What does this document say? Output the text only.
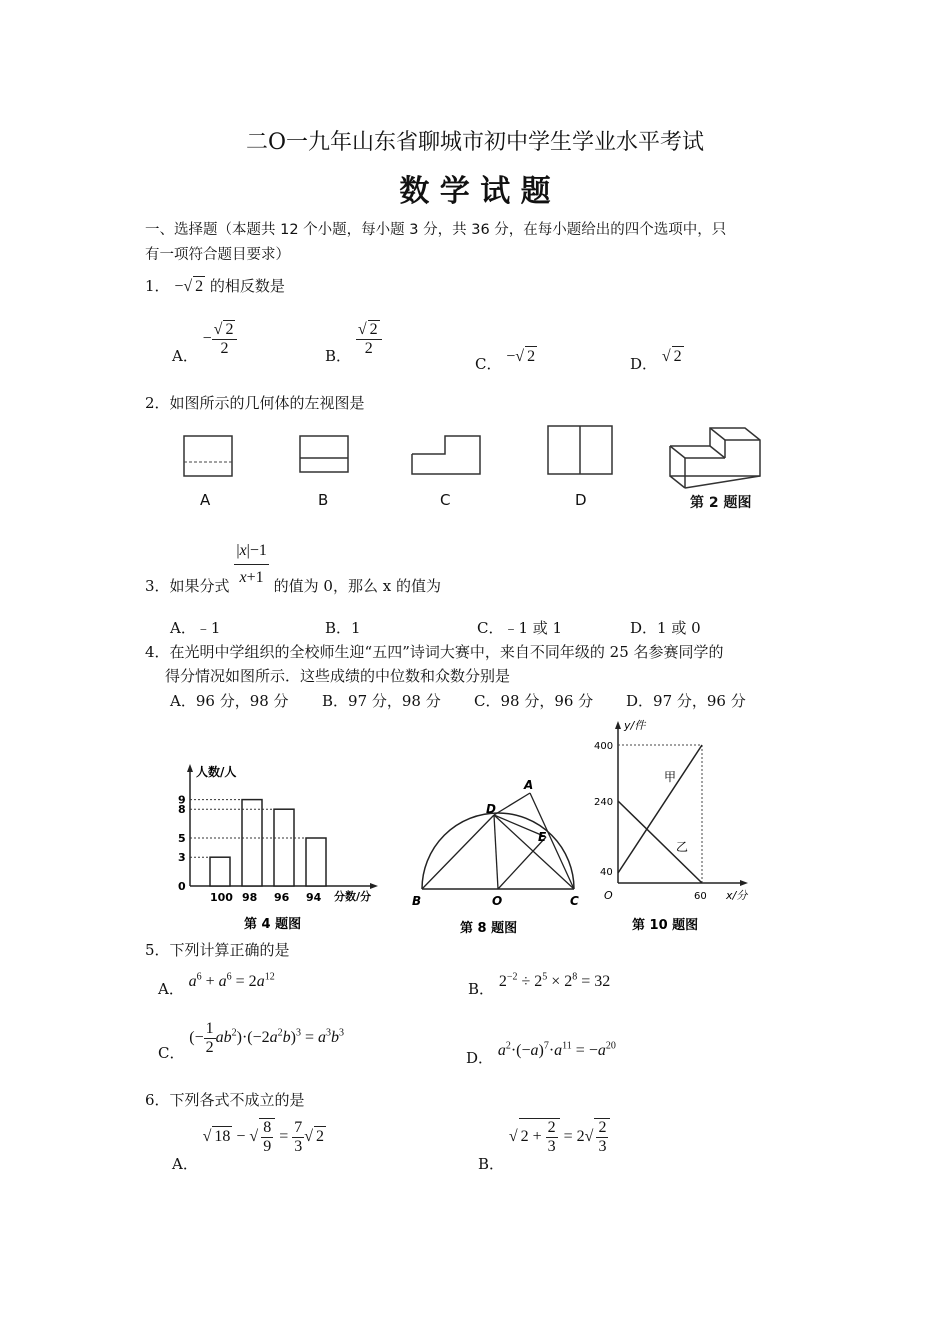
二O一九年山东省聊城市初中学生学业水平考试
数 学 试 题
一、选择题（本题共 12 个小题，每小题 3 分，共 36 分，在每小题给出的四个选项中，只
有一项符合题目要求）
1． −√ 2 的相反数是
A． − $\frac{√ 2}{2}$	B． $\frac{√ 2}{2}$
C． −√ 2	D． √ 2
2．如图所示的几何体的左视图是
A	B	C	D	第 2 题图
3．如果分式 $\frac{|x|-1}{x+1}$ 的值为 0，那么 x 的值为
A．﹣1	B．1	C．﹣1 或 1	D．1 或 0
4．在光明中学组织的全校师生迎“五四”诗词大赛中，来自不同年级的 25 名参赛同学的
得分情况如图所示．这些成绩的中位数和众数分别是
A．96 分，98 分 B．97 分，98 分 C．98 分，96 分 D．97 分，96 分
人数/人
分数/分
第 4 题图
0
3
5
8
9
100 98 96 94
A
B	C
D
E
O
第 8 题图
y/件
x/分
400
240
40
O	60
甲
乙
第 10 题图
5．下列计算正确的是
A． $a^6 + a^6 = 2a^{12}$
B． $2^{-2} \div 2^5 \times 2^8 = 32$
C． (− $\frac{1}{2} ab^2)\cdot(-2a^2b)^3 = a^3b^3$
D． $a^2\cdot(-a)^7\cdot a^{11} = -a^{20}$
6．下列各式不成立的是
A． √ 18 − √ $\frac{8}{9} = \frac{7}{3}$ √ 2
B． √ $2 + \frac{2}{3} = 2√ \frac{2}{3}$
